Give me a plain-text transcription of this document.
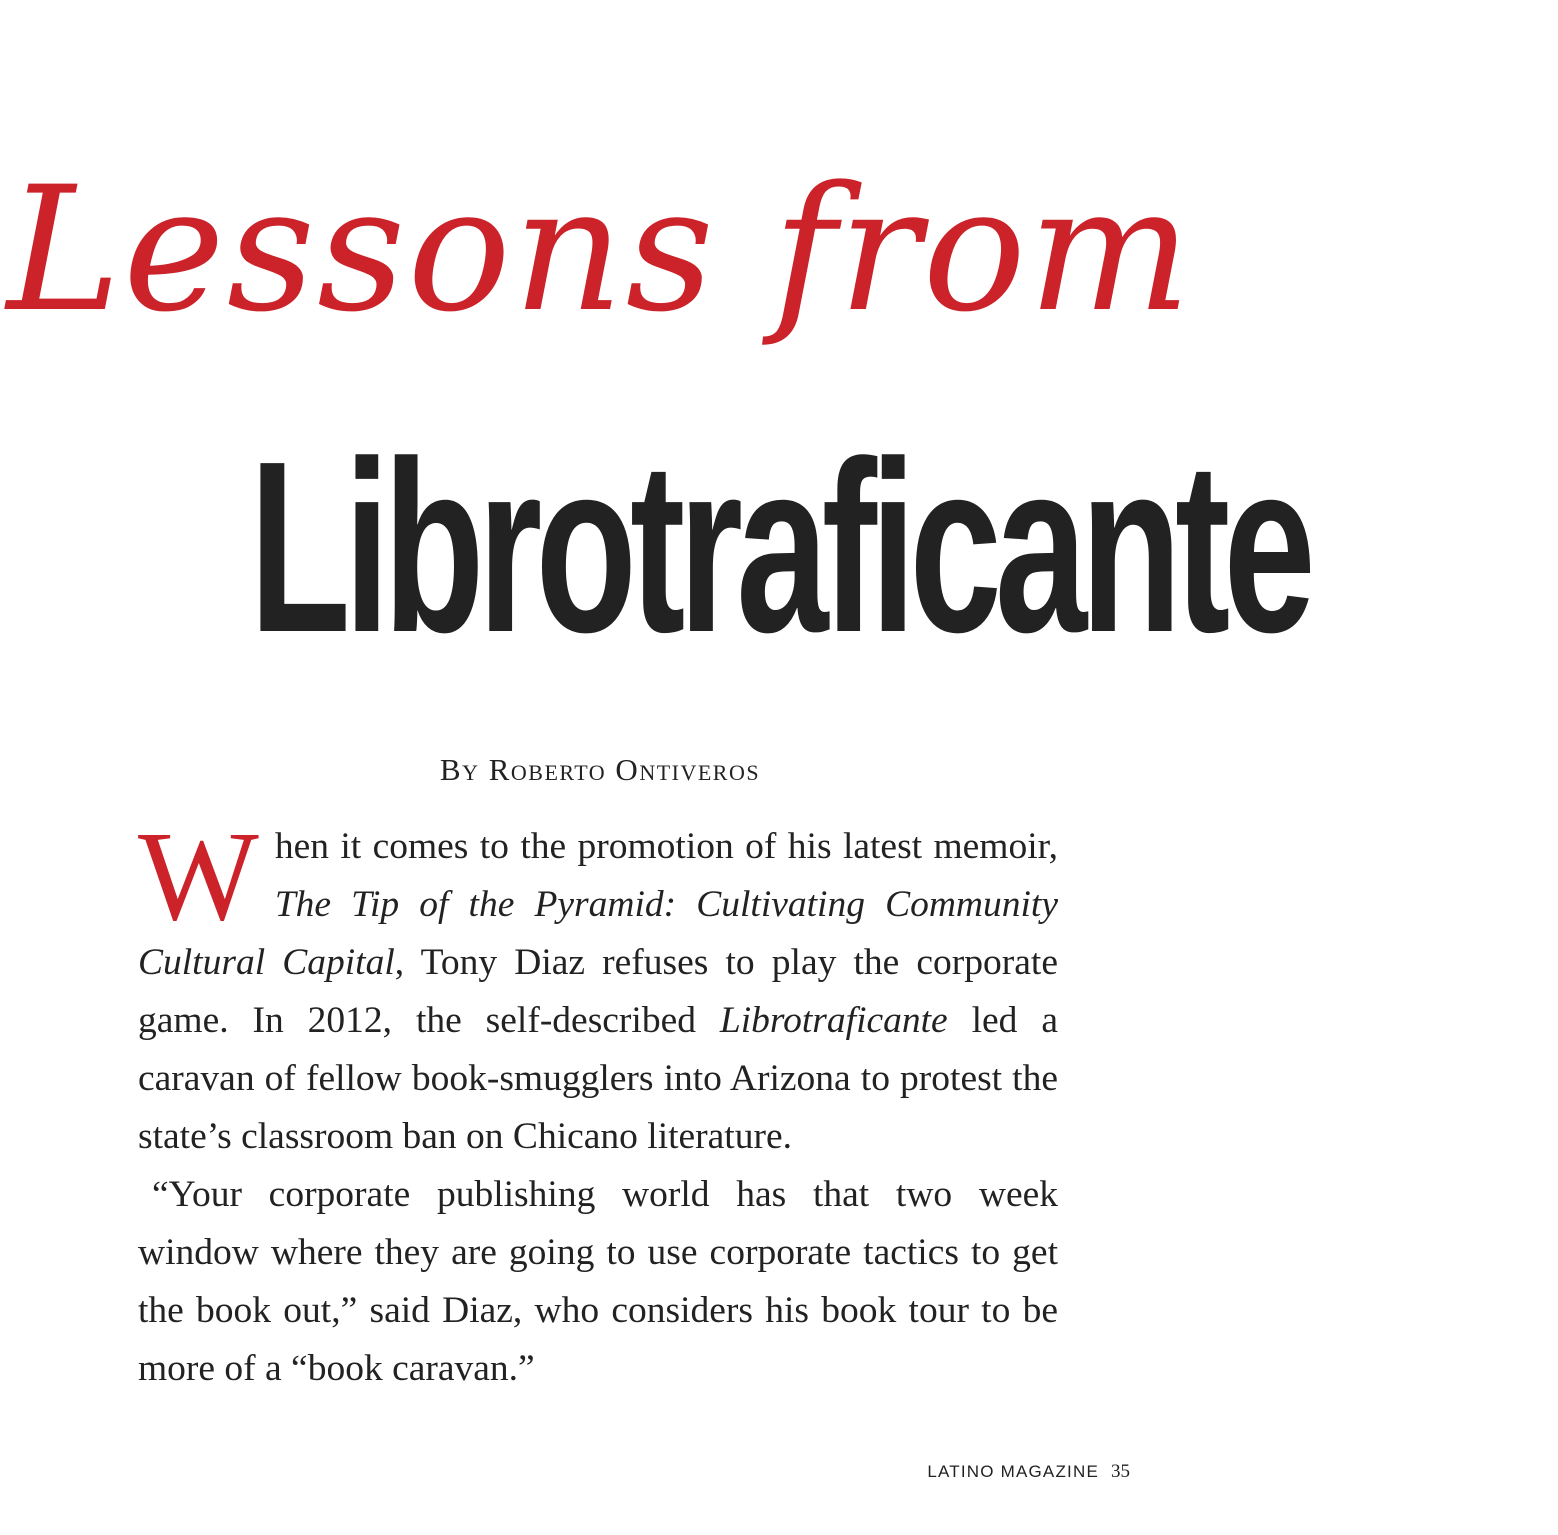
Lessons from
Librotraficante
By Roberto Ontiveros

When it comes to the promotion of his latest memoir, The Tip of the Pyramid: Cultivating Community Cultural Capital, Tony Diaz refuses to play the corporate game. In 2012, the self-described Librotraficante led a caravan of fellow book-smugglers into Arizona to protest the state’s classroom ban on Chicano literature.

“Your corporate publishing world has that two week window where they are going to use corporate tactics to get the book out,” said Diaz, who considers his book tour to be more of a “book caravan.”

LATINO MAGAZINE 35
